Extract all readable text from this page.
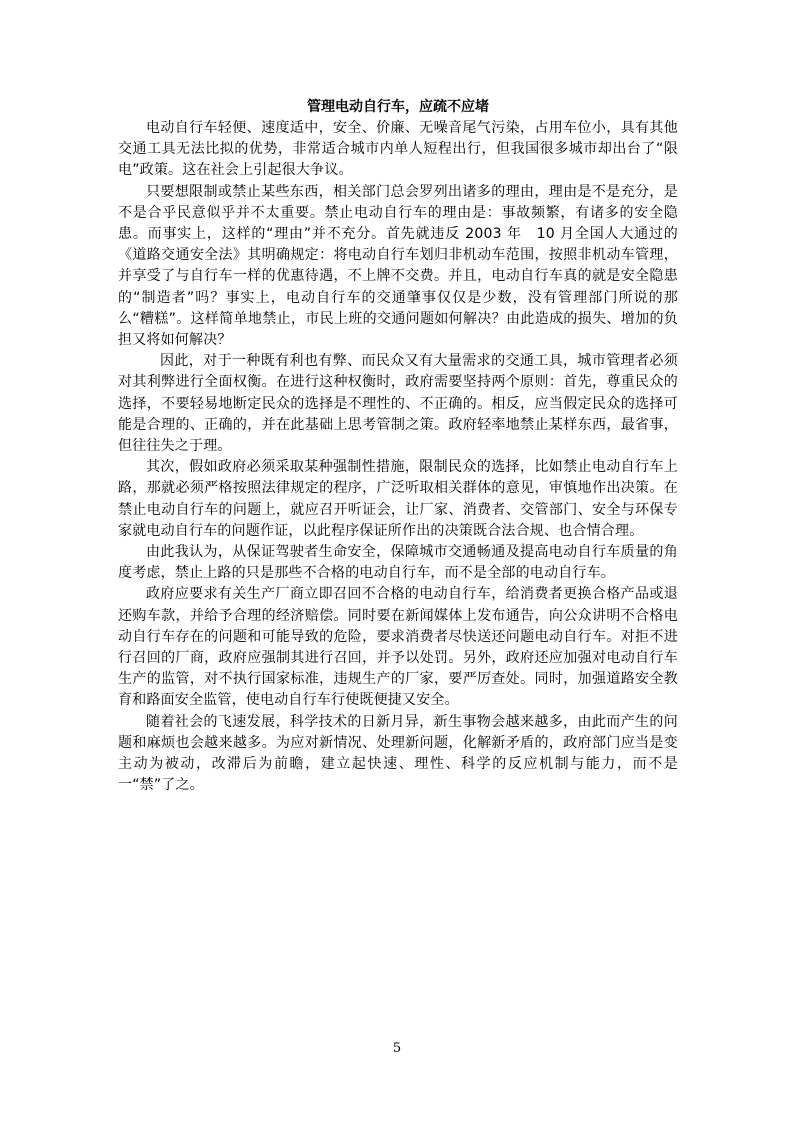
管理电动自行车，应疏不应堵

电动自行车轻便、速度适中，安全、价廉、无噪音尾气污染，占用车位小，具有其他交通工具无法比拟的优势，非常适合城市内单人短程出行，但我国很多城市却出台了“限电”政策。这在社会上引起很大争议。

只要想限制或禁止某些东西，相关部门总会罗列出诸多的理由，理由是不是充分，是不是合乎民意似乎并不太重要。禁止电动自行车的理由是：事故频繁，有诸多的安全隐患。而事实上，这样的“理由”并不充分。首先就违反 2003 年　10 月全国人大通过的《道路交通安全法》其明确规定：将电动自行车划归非机动车范围，按照非机动车管理，并享受了与自行车一样的优惠待遇，不上牌不交费。并且，电动自行车真的就是安全隐患的“制造者”吗？事实上，电动自行车的交通肇事仅仅是少数，没有管理部门所说的那么“糟糕”。这样简单地禁止，市民上班的交通问题如何解决？由此造成的损失、增加的负担又将如何解决？

因此，对于一种既有利也有弊、而民众又有大量需求的交通工具，城市管理者必须对其利弊进行全面权衡。在进行这种权衡时，政府需要坚持两个原则：首先，尊重民众的选择，不要轻易地断定民众的选择是不理性的、不正确的。相反，应当假定民众的选择可能是合理的、正确的，并在此基础上思考管制之策。政府轻率地禁止某样东西，最省事，但往往失之于理。

其次，假如政府必须采取某种强制性措施，限制民众的选择，比如禁止电动自行车上路，那就必须严格按照法律规定的程序，广泛听取相关群体的意见，审慎地作出决策。在禁止电动自行车的问题上，就应召开听证会，让厂家、消费者、交管部门、安全与环保专家就电动自行车的问题作证，以此程序保证所作出的决策既合法合规、也合情合理。

由此我认为，从保证驾驶者生命安全，保障城市交通畅通及提高电动自行车质量的角度考虑，禁止上路的只是那些不合格的电动自行车，而不是全部的电动自行车。

政府应要求有关生产厂商立即召回不合格的电动自行车，给消费者更换合格产品或退还购车款，并给予合理的经济赔偿。同时要在新闻媒体上发布通告，向公众讲明不合格电动自行车存在的问题和可能导致的危险，要求消费者尽快送还问题电动自行车。对拒不进行召回的厂商，政府应强制其进行召回，并予以处罚。另外，政府还应加强对电动自行车生产的监管，对不执行国家标准，违规生产的厂家，要严厉查处。同时，加强道路安全教育和路面安全监管，使电动自行车行使既便捷又安全。

随着社会的飞速发展，科学技术的日新月异，新生事物会越来越多，由此而产生的问题和麻烦也会越来越多。为应对新情况、处理新问题，化解新矛盾的，政府部门应当是变主动为被动，改滞后为前瞻，建立起快速、理性、科学的反应机制与能力，而不是一“禁”了之。

5
